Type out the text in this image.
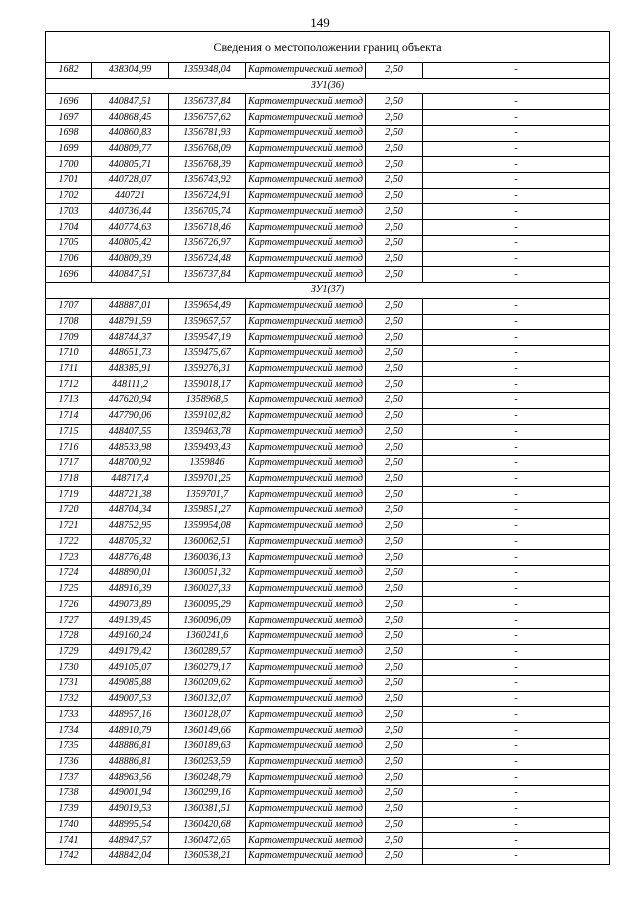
149
Сведения о местоположении границ объекта					
1682	438304,99	1359348,04	Картометрический метод	2,50	-
ЗУ1(36)					
1696	440847,51	1356737,84	Картометрический метод	2,50	-
1697	440868,45	1356757,62	Картометрический метод	2,50	-
1698	440860,83	1356781,93	Картометрический метод	2,50	-
1699	440809,77	1356768,09	Картометрический метод	2,50	-
1700	440805,71	1356768,39	Картометрический метод	2,50	-
1701	440728,07	1356743,92	Картометрический метод	2,50	-
1702	440721	1356724,91	Картометрический метод	2,50	-
1703	440736,44	1356705,74	Картометрический метод	2,50	-
1704	440774,63	1356718,46	Картометрический метод	2,50	-
1705	440805,42	1356726,97	Картометрический метод	2,50	-
1706	440809,39	1356724,48	Картометрический метод	2,50	-
1696	440847,51	1356737,84	Картометрический метод	2,50	-
ЗУ1(37)					
1707	448887,01	1359654,49	Картометрический метод	2,50	-
1708	448791,59	1359657,57	Картометрический метод	2,50	-
1709	448744,37	1359547,19	Картометрический метод	2,50	-
1710	448651,73	1359475,67	Картометрический метод	2,50	-
1711	448385,91	1359276,31	Картометрический метод	2,50	-
1712	448111,2	1359018,17	Картометрический метод	2,50	-
1713	447620,94	1358968,5	Картометрический метод	2,50	-
1714	447790,06	1359102,82	Картометрический метод	2,50	-
1715	448407,55	1359463,78	Картометрический метод	2,50	-
1716	448533,98	1359493,43	Картометрический метод	2,50	-
1717	448700,92	1359846	Картометрический метод	2,50	-
1718	448717,4	1359701,25	Картометрический метод	2,50	-
1719	448721,38	1359701,7	Картометрический метод	2,50	-
1720	448704,34	1359851,27	Картометрический метод	2,50	-
1721	448752,95	1359954,08	Картометрический метод	2,50	-
1722	448705,32	1360062,51	Картометрический метод	2,50	-
1723	448776,48	1360036,13	Картометрический метод	2,50	-
1724	448890,01	1360051,32	Картометрический метод	2,50	-
1725	448916,39	1360027,33	Картометрический метод	2,50	-
1726	449073,89	1360095,29	Картометрический метод	2,50	-
1727	449139,45	1360096,09	Картометрический метод	2,50	-
1728	449160,24	1360241,6	Картометрический метод	2,50	-
1729	449179,42	1360289,57	Картометрический метод	2,50	-
1730	449105,07	1360279,17	Картометрический метод	2,50	-
1731	449085,88	1360209,62	Картометрический метод	2,50	-
1732	449007,53	1360132,07	Картометрический метод	2,50	-
1733	448957,16	1360128,07	Картометрический метод	2,50	-
1734	448910,79	1360149,66	Картометрический метод	2,50	-
1735	448886,81	1360189,63	Картометрический метод	2,50	-
1736	448886,81	1360253,59	Картометрический метод	2,50	-
1737	448963,56	1360248,79	Картометрический метод	2,50	-
1738	449001,94	1360299,16	Картометрический метод	2,50	-
1739	449019,53	1360381,51	Картометрический метод	2,50	-
1740	448995,54	1360420,68	Картометрический метод	2,50	-
1741	448947,57	1360472,65	Картометрический метод	2,50	-
1742	448842,04	1360538,21	Картометрический метод	2,50	-
